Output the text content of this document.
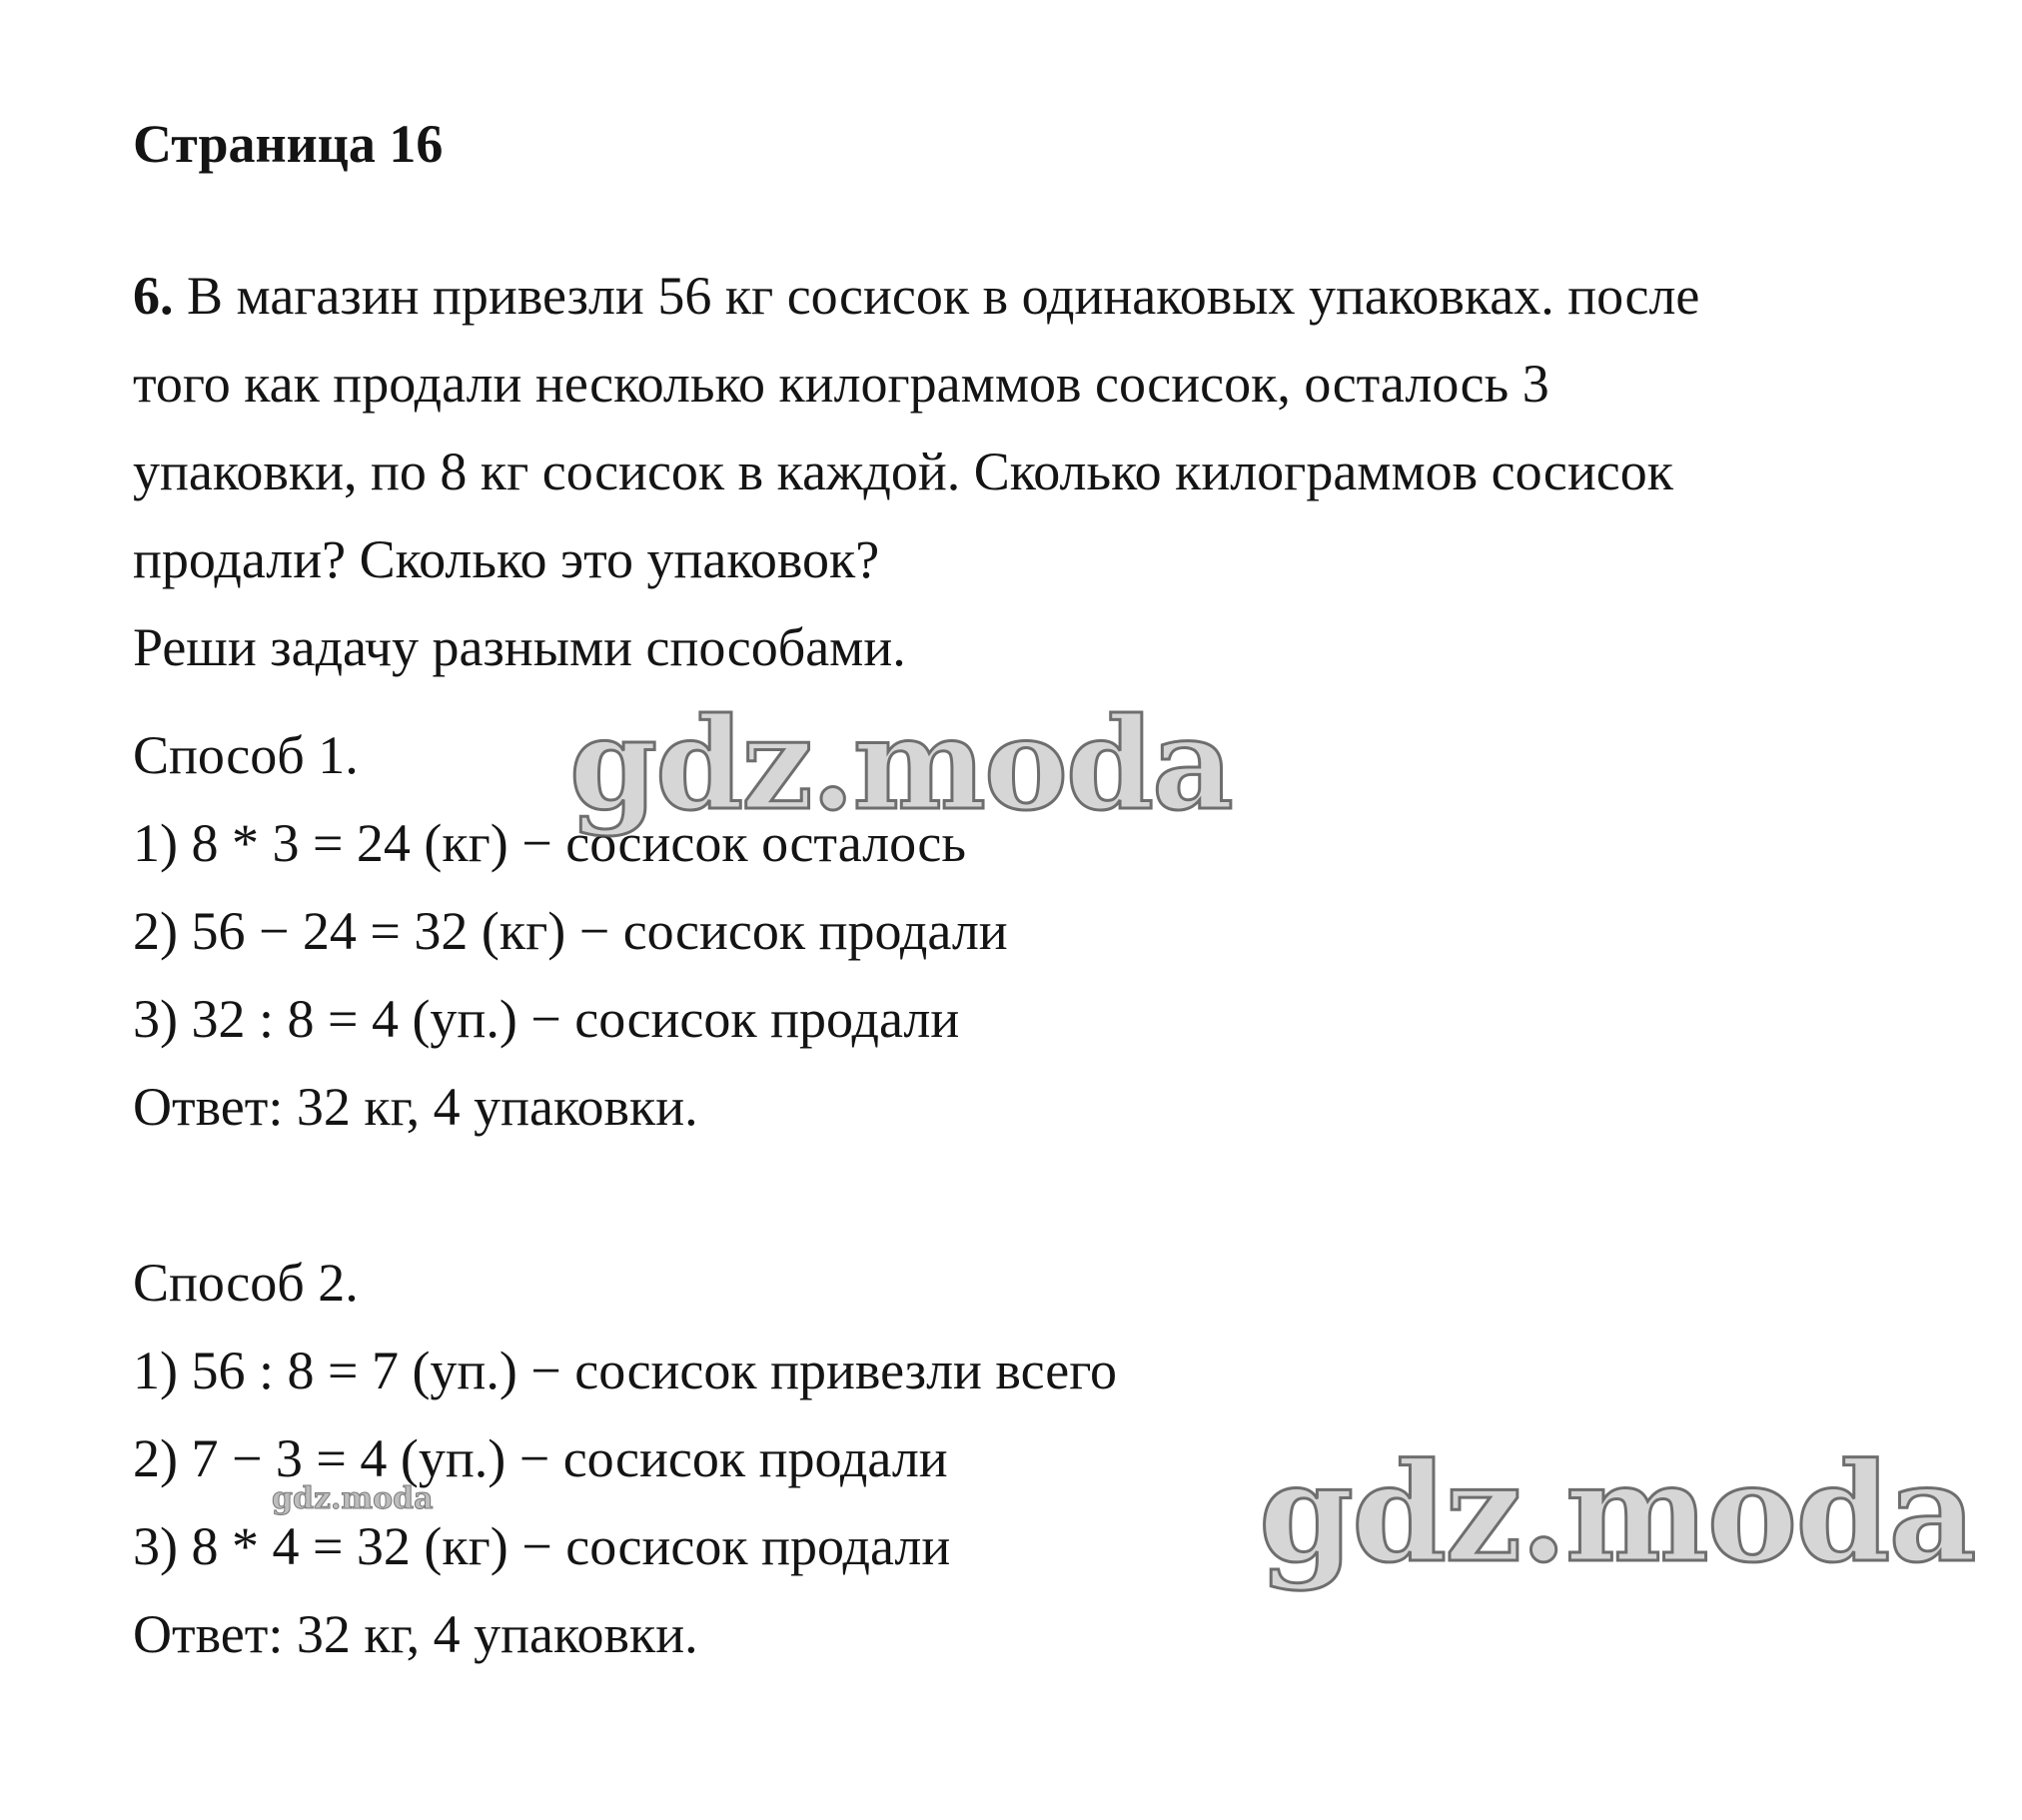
Страница 16
6. В магазин привезли 56 кг сосисок в одинаковых упаковках. после
того как продали несколько килограммов сосисок, осталось 3
упаковки, по 8 кг сосисок в каждой. Сколько килограммов сосисок
продали? Сколько это упаковок?
Реши задачу разными способами.
Способ 1.
1) 8 * 3 = 24 (кг) − сосисок осталось
2) 56 − 24 = 32 (кг) − сосисок продали
3) 32 : 8 = 4 (уп.) − сосисок продали
Ответ: 32 кг, 4 упаковки.
Способ 2.
1) 56 : 8 = 7 (уп.) − сосисок привезли всего
2) 7 − 3 = 4 (уп.) − сосисок продали
3) 8 * 4 = 32 (кг) − сосисок продали
Ответ: 32 кг, 4 упаковки.
gdz.moda
gdz.moda
gdz.moda
